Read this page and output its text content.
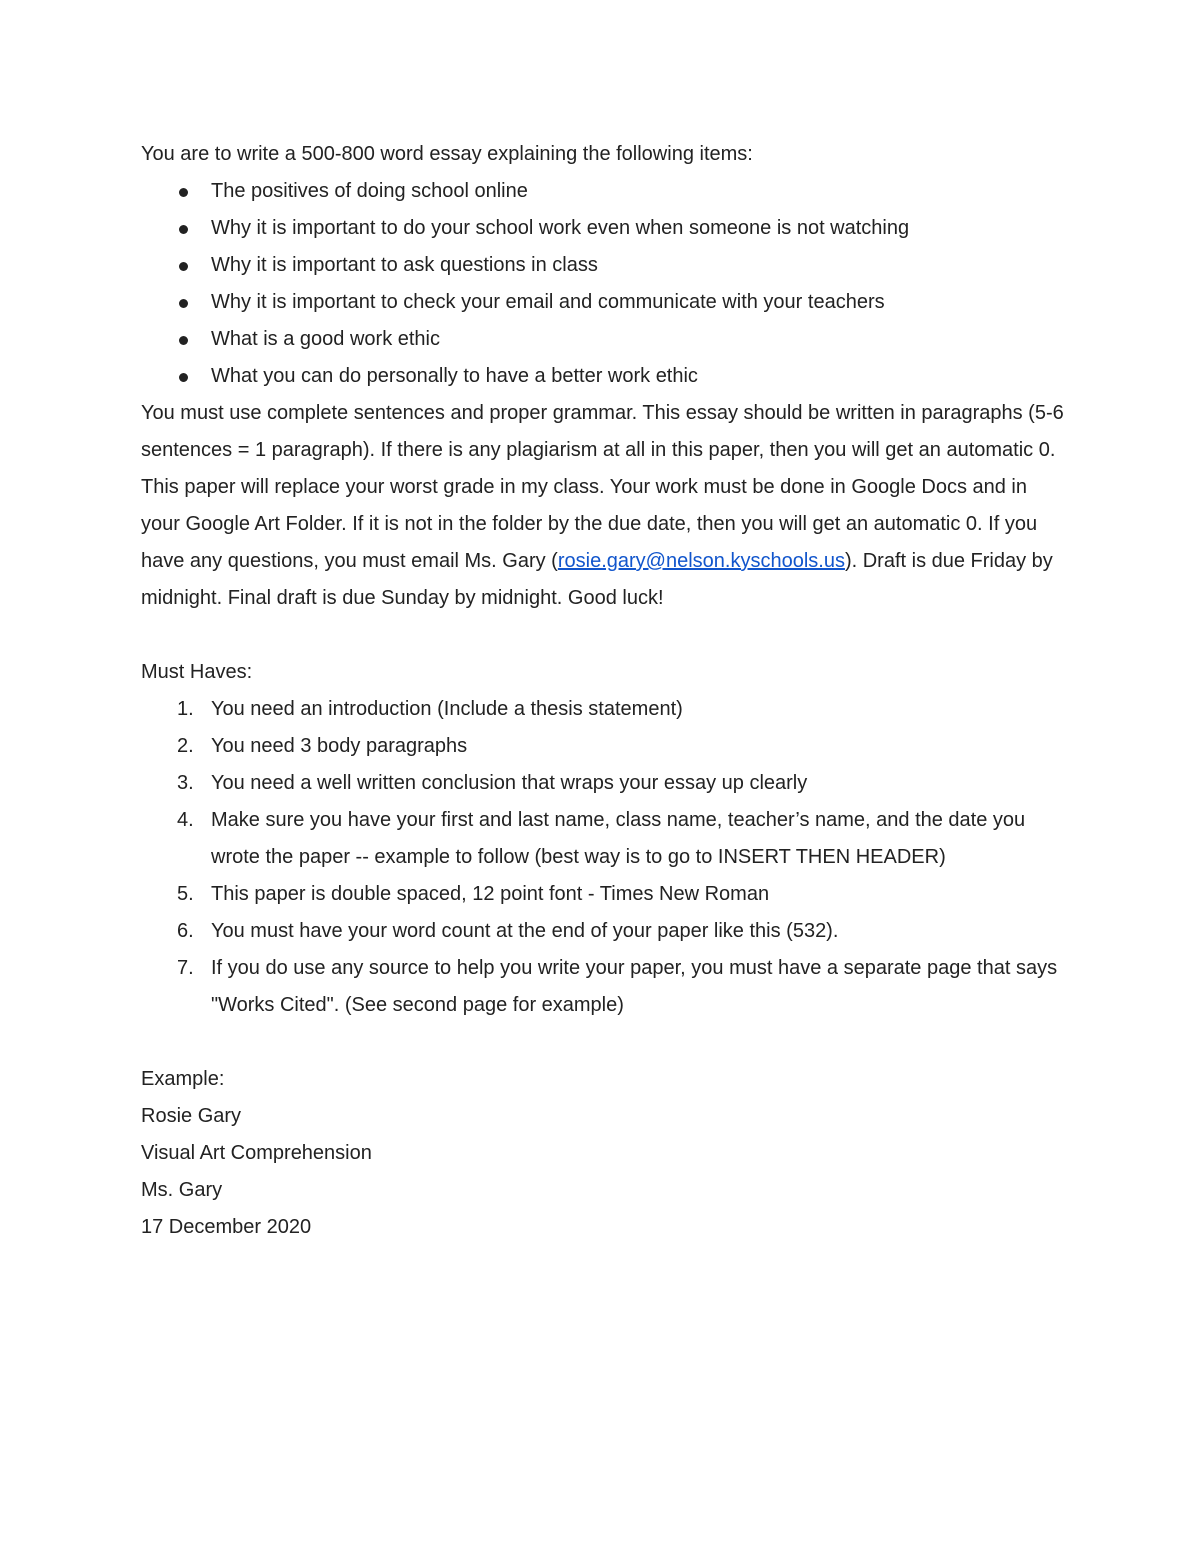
You are to write a 500-800 word essay explaining the following items:

The positives of doing school online
Why it is important to do your school work even when someone is not watching
Why it is important to ask questions in class
Why it is important to check your email and communicate with your teachers
What is a good work ethic
What you can do personally to have a better work ethic

You must use complete sentences and proper grammar. This essay should be written in paragraphs (5-6 sentences = 1 paragraph). If there is any plagiarism at all in this paper, then you will get an automatic 0. This paper will replace your worst grade in my class. Your work must be done in Google Docs and in your Google Art Folder. If it is not in the folder by the due date, then you will get an automatic 0. If you have any questions, you must email Ms. Gary (rosie.gary@nelson.kyschools.us). Draft is due Friday by midnight. Final draft is due Sunday by midnight. Good luck!

Must Haves:

1. You need an introduction (Include a thesis statement)
2. You need 3 body paragraphs
3. You need a well written conclusion that wraps your essay up clearly
4. Make sure you have your first and last name, class name, teacher’s name, and the date you wrote the paper -- example to follow (best way is to go to INSERT THEN HEADER)
5. This paper is double spaced, 12 point font - Times New Roman
6. You must have your word count at the end of your paper like this (532).
7. If you do use any source to help you write your paper, you must have a separate page that says "Works Cited". (See second page for example)

Example:

Rosie Gary

Visual Art Comprehension

Ms. Gary

17 December 2020
